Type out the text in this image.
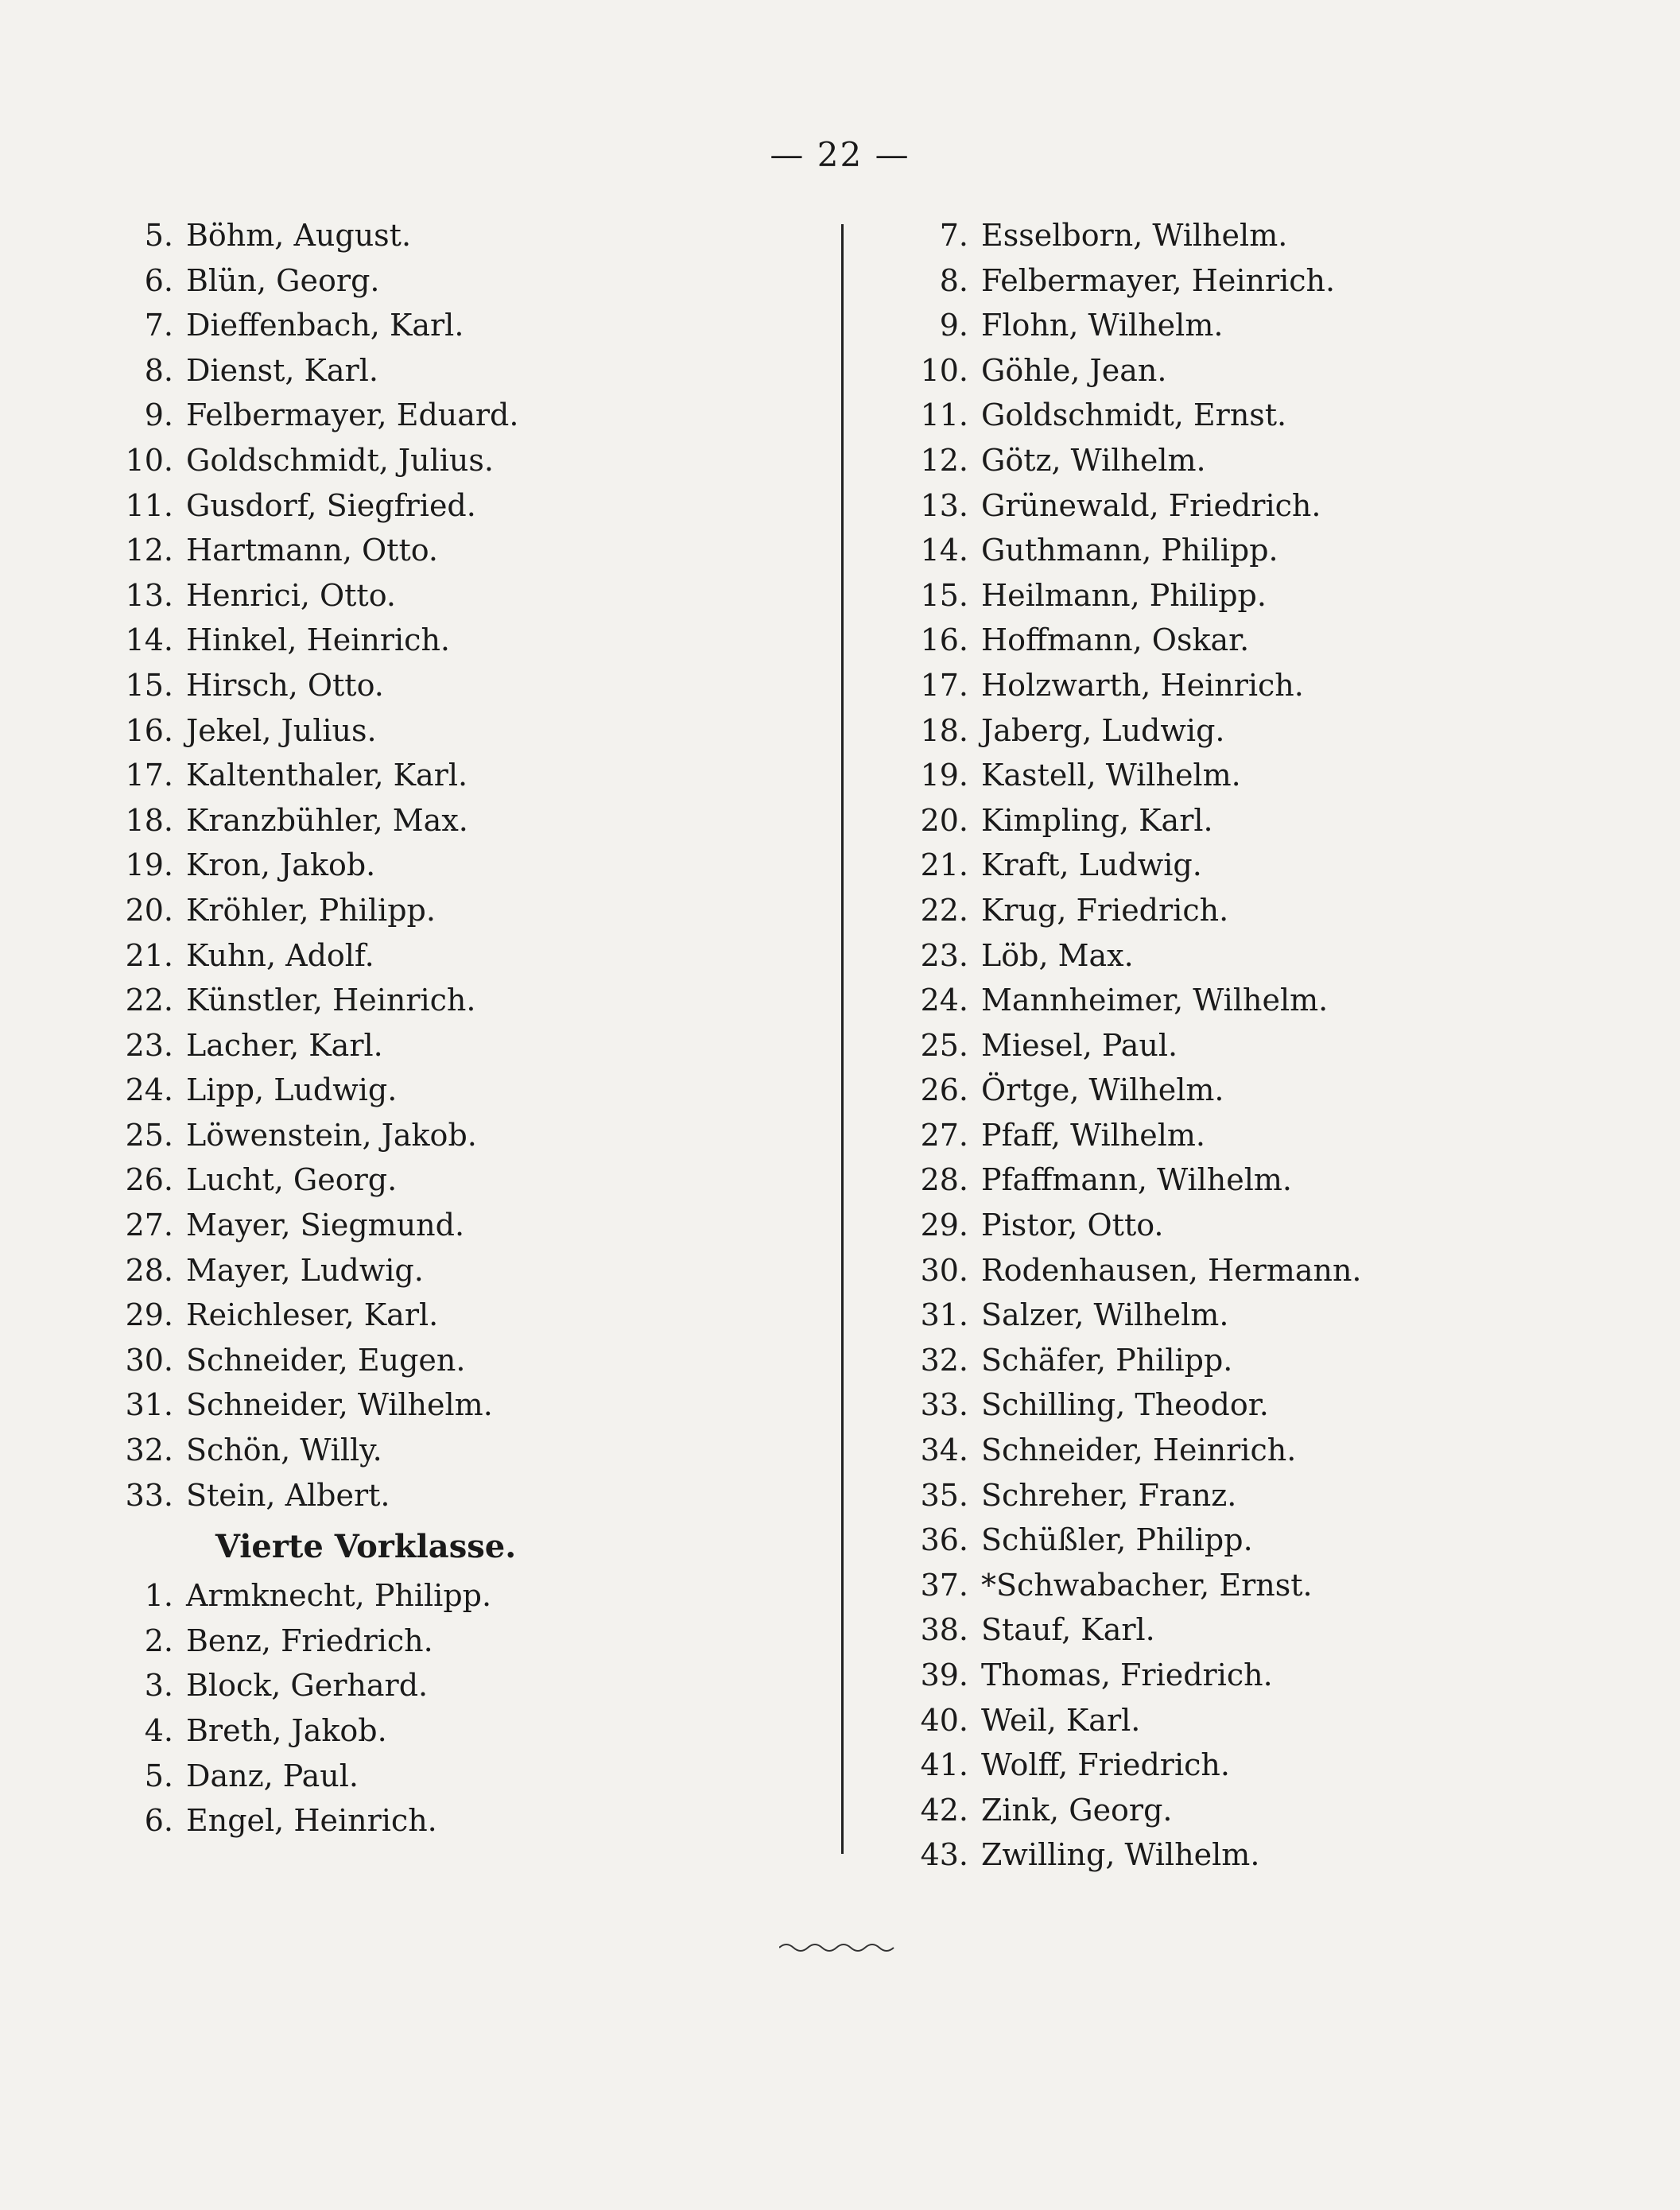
— 22 —
5. Böhm, August.
6. Blün, Georg.
7. Dieffenbach, Karl.
8. Dienst, Karl.
9. Felbermayer, Eduard.
10. Goldschmidt, Julius.
11. Gusdorf, Siegfried.
12. Hartmann, Otto.
13. Henrici, Otto.
14. Hinkel, Heinrich.
15. Hirsch, Otto.
16. Jekel, Julius.
17. Kaltenthaler, Karl.
18. Kranzbühler, Max.
19. Kron, Jakob.
20. Kröhler, Philipp.
21. Kuhn, Adolf.
22. Künstler, Heinrich.
23. Lacher, Karl.
24. Lipp, Ludwig.
25. Löwenstein, Jakob.
26. Lucht, Georg.
27. Mayer, Siegmund.
28. Mayer, Ludwig.
29. Reichleser, Karl.
30. Schneider, Eugen.
31. Schneider, Wilhelm.
32. Schön, Willy.
33. Stein, Albert.
Vierte Vorklasse.
1. Armknecht, Philipp.
2. Benz, Friedrich.
3. Block, Gerhard.
4. Breth, Jakob.
5. Danz, Paul.
6. Engel, Heinrich.
7. Esselborn, Wilhelm.
8. Felbermayer, Heinrich.
9. Flohn, Wilhelm.
10. Göhle, Jean.
11. Goldschmidt, Ernst.
12. Götz, Wilhelm.
13. Grünewald, Friedrich.
14. Guthmann, Philipp.
15. Heilmann, Philipp.
16. Hoffmann, Oskar.
17. Holzwarth, Heinrich.
18. Jaberg, Ludwig.
19. Kastell, Wilhelm.
20. Kimpling, Karl.
21. Kraft, Ludwig.
22. Krug, Friedrich.
23. Löb, Max.
24. Mannheimer, Wilhelm.
25. Miesel, Paul.
26. Örtge, Wilhelm.
27. Pfaff, Wilhelm.
28. Pfaffmann, Wilhelm.
29. Pistor, Otto.
30. Rodenhausen, Hermann.
31. Salzer, Wilhelm.
32. Schäfer, Philipp.
33. Schilling, Theodor.
34. Schneider, Heinrich.
35. Schreher, Franz.
36. Schüßler, Philipp.
37. *Schwabacher, Ernst.
38. Stauf, Karl.
39. Thomas, Friedrich.
40. Weil, Karl.
41. Wolff, Friedrich.
42. Zink, Georg.
43. Zwilling, Wilhelm.
